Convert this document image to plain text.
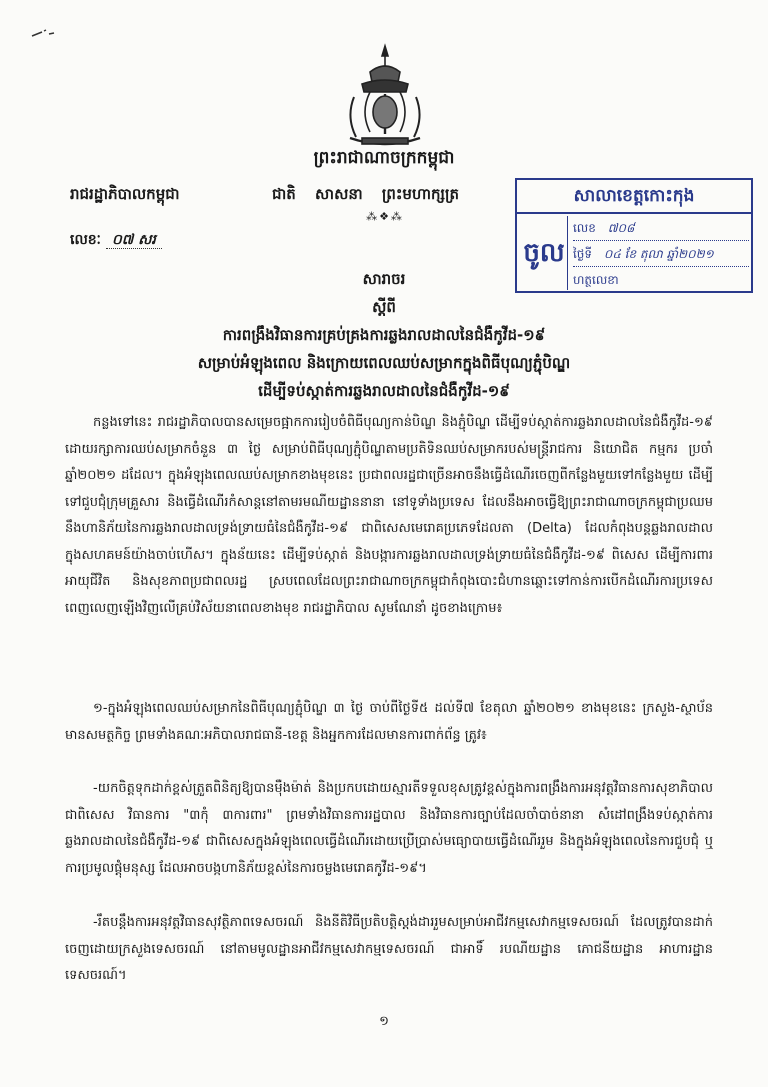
ព្រះរាជាណាចក្រកម្ពុជា
រាជរដ្ឋាភិបាលកម្ពុជា	ជាតិ សាសនា ព្រះមហាក្សត្រ
⁂❖⁂
លេខៈ ០៧ សរ
សាលាខេត្តកោះកុង
ចូល
លេខ ៧០៨
ថ្ងៃទី ០៤ ខែ តុលា ឆ្នាំ២០២១
ហត្ថលេខា
សារាចរ
ស្ដីពី
ការពង្រឹងវិធានការគ្រប់គ្រងការឆ្លងរាលដាលនៃជំងឺកូវីដ-១៩
សម្រាប់អំឡុងពេល និងក្រោយពេលឈប់សម្រាកក្នុងពិធីបុណ្យភ្ជុំបិណ្ឌ
ដើម្បីទប់ស្កាត់ការឆ្លងរាលដាលនៃជំងឺកូវីដ-១៩

កន្លងទៅនេះ រាជរដ្ឋាភិបាលបានសម្រេចផ្អាកការរៀបចំពិធីបុណ្យកាន់បិណ្ឌ និងភ្ជុំបិណ្ឌ ដើម្បីទប់ស្កាត់ការឆ្លងរាលដាលនៃជំងឺកូវីដ-១៩ ដោយរក្សាការឈប់សម្រាកចំនួន ៣ ថ្ងៃ សម្រាប់ពិធីបុណ្យភ្ជុំបិណ្ឌតាមប្រតិទិនឈប់សម្រាករបស់មន្ត្រីរាជការ និយោជិត កម្មករ ប្រចាំឆ្នាំ២០២១ ដដែល។ ក្នុងអំឡុងពេលឈប់សម្រាកខាងមុខនេះ ប្រជាពលរដ្ឋជាច្រើនអាចនឹងធ្វើដំណើរចេញពីកន្លែងមួយទៅកន្លែងមួយ ដើម្បីទៅជួបជុំក្រុមគ្រួសារ និងធ្វើដំណើរកំសាន្តនៅតាមរមណីយដ្ឋាននានា នៅទូទាំងប្រទេស ដែលនឹងអាចធ្វើឱ្យព្រះរាជាណាចក្រកម្ពុជាប្រឈមនឹងហានិភ័យនៃការឆ្លងរាលដាលទ្រង់ទ្រាយធំនៃជំងឺកូវីដ-១៩ ជាពិសេសមេរោគប្រភេទដែលតា (Delta) ដែលកំពុងបន្តឆ្លងរាលដាលក្នុងសហគមន៍យ៉ាងចាប់ហើស។ ក្នុងន័យនេះ ដើម្បីទប់ស្កាត់ និងបង្ការការឆ្លងរាលដាលទ្រង់ទ្រាយធំនៃជំងឺកូវីដ-១៩ ពិសេស ដើម្បីការពារអាយុជីវិត និងសុខភាពប្រជាពលរដ្ឋ ស្របពេលដែលព្រះរាជាណាចក្រកម្ពុជាកំពុងបោះជំហានឆ្ពោះទៅកាន់ការបើកដំណើរការប្រទេសពេញលេញឡើងវិញលើគ្រប់វិស័យនាពេលខាងមុខ រាជរដ្ឋាភិបាល សូមណែនាំ ដូចខាងក្រោម៖

១-ក្នុងអំឡុងពេលឈប់សម្រាកនៃពិធីបុណ្យភ្ជុំបិណ្ឌ ៣ ថ្ងៃ ចាប់ពីថ្ងៃទី៥ ដល់ទី៧ ខែតុលា ឆ្នាំ២០២១ ខាងមុខនេះ ក្រសួង-ស្ថាប័នមានសមត្ថកិច្ច ព្រមទាំងគណៈអភិបាលរាជធានី-ខេត្ត និងអ្នកការដែលមានការពាក់ព័ន្ធ ត្រូវ៖

-យកចិត្តទុកដាក់ខ្ពស់ត្រួតពិនិត្យឱ្យបានម៉ឺងម៉ាត់ និងប្រកបដោយស្មារតីទទួលខុសត្រូវខ្ពស់ក្នុងការពង្រឹងការអនុវត្តវិធានការសុខាភិបាល ជាពិសេស វិធានការ "៣កុំ ៣ការពារ" ព្រមទាំងវិធានការរដ្ឋបាល និងវិធានការច្បាប់ដែលចាំបាច់នានា សំដៅពង្រឹងទប់ស្កាត់ការឆ្លងរាលដាលនៃជំងឺកូវីដ-១៩ ជាពិសេសក្នុងអំឡុងពេលធ្វើដំណើរដោយប្រើប្រាស់មធ្យោបាយធ្វើដំណើររួម និងក្នុងអំឡុងពេលនៃការជួបជុំ ឬការប្រមូលផ្តុំមនុស្ស ដែលអាចបង្កហានិភ័យខ្ពស់នៃការចម្លងមេរោគកូវីដ-១៩។

-រឹតបន្តឹងការអនុវត្តវិធានសុវត្ថិភាពទេសចរណ៍ និងនីតិវិធីប្រតិបត្តិស្តង់ដាររួមសម្រាប់អាជីវកម្មសេវាកម្មទេសចរណ៍ ដែលត្រូវបានដាក់ចេញដោយក្រសួងទេសចរណ៍ នៅតាមមូលដ្ឋានអាជីវកម្មសេវាកម្មទេសចរណ៍ ជាអាទិ៍ របណីយដ្ឋាន ភោជនីយដ្ឋាន អាហារដ្ឋានទេសចរណ៍។

១
